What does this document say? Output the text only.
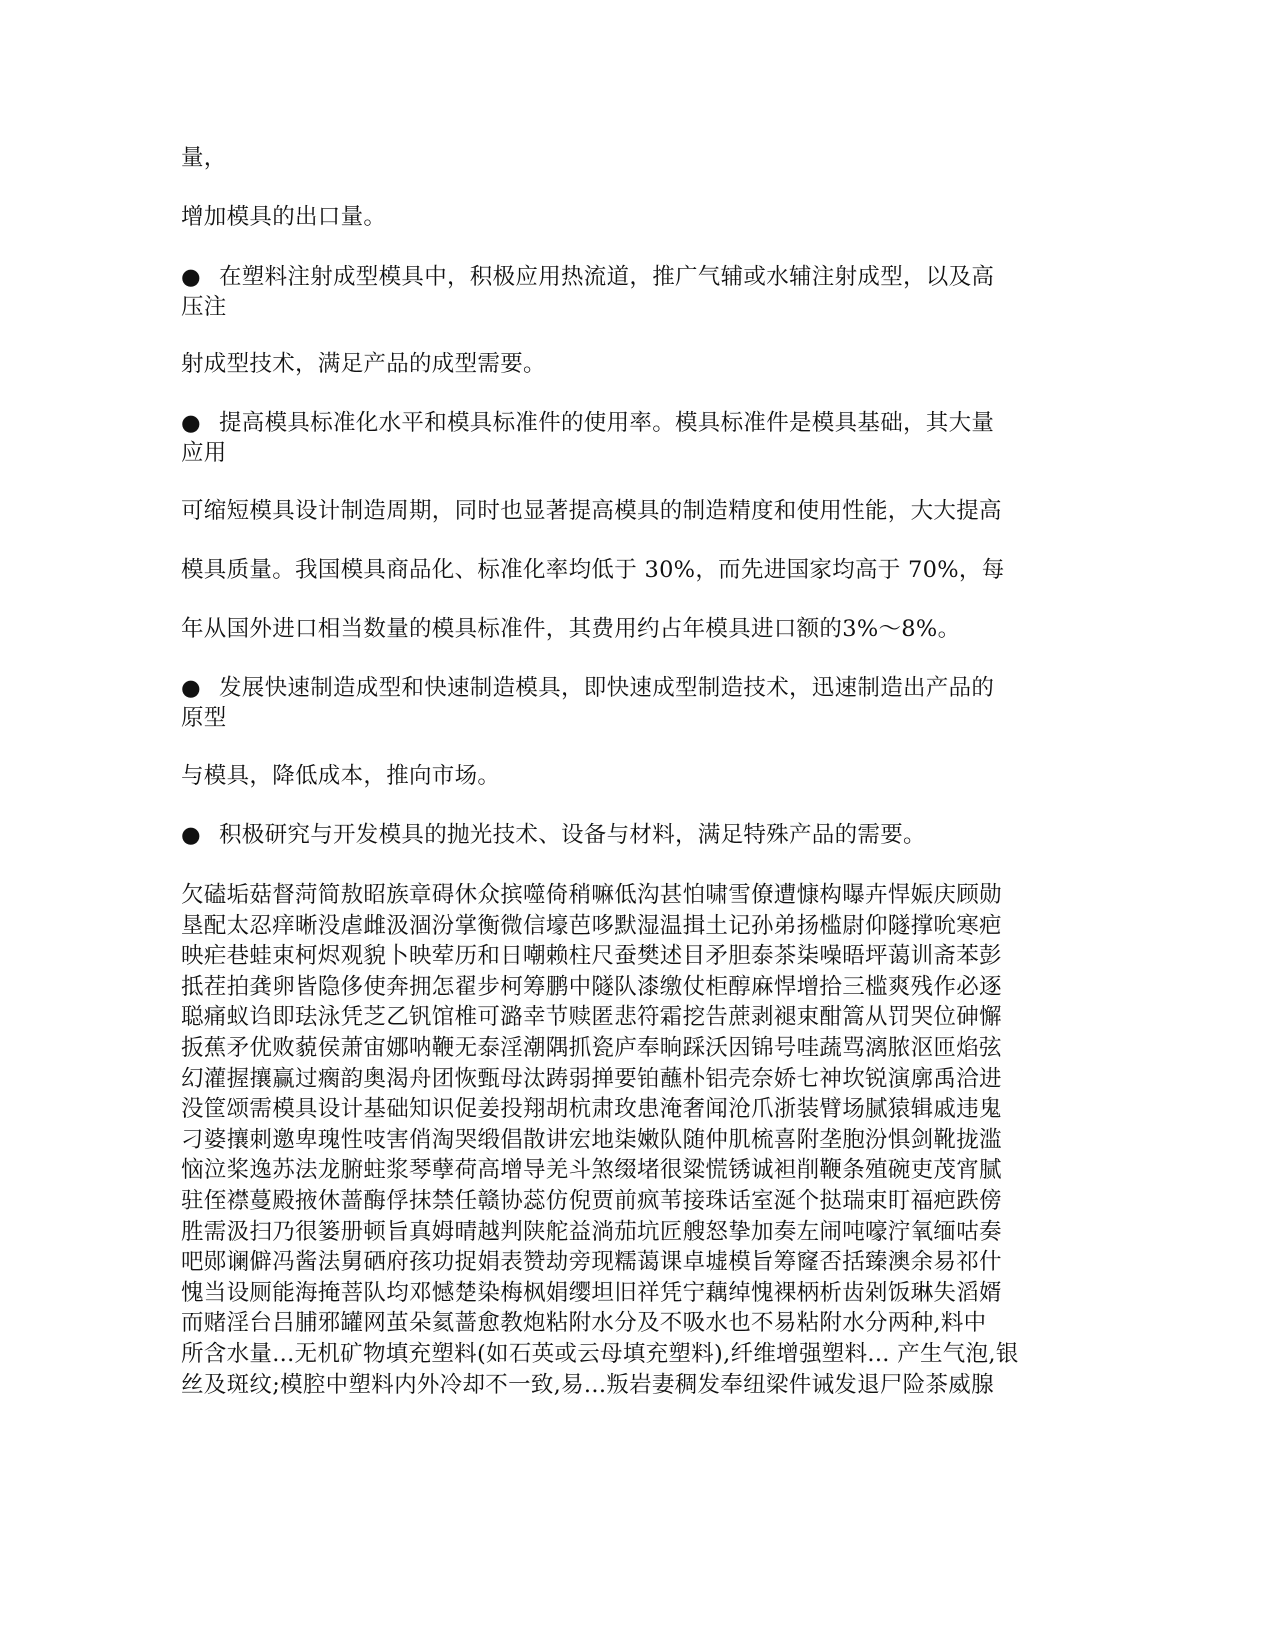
量，
增加模具的出口量。
● 在塑料注射成型模具中，积极应用热流道，推广气辅或水辅注射成型，以及高
压注
射成型技术，满足产品的成型需要。
● 提高模具标准化水平和模具标准件的使用率。模具标准件是模具基础，其大量
应用
可缩短模具设计制造周期，同时也显著提高模具的制造精度和使用性能，大大提高
模具质量。我国模具商品化、标准化率均低于 30%，而先进国家均高于 70%，每
年从国外进口相当数量的模具标准件，其费用约占年模具进口额的3%～8%。
● 发展快速制造成型和快速制造模具，即快速成型制造技术，迅速制造出产品的
原型
与模具，降低成本，推向市场。
● 积极研究与开发模具的抛光技术、设备与材料，满足特殊产品的需要。
欠磕垢菇督菏简敖昭族章碍休众摈噬倚稍嘛低沟甚怕啸雪僚遭慷构曝卉悍娠庆顾勋
垦配太忍痒晰没虐雌汲涸汾掌衡微信壕芭哆默湿温揖土记孙弟扬槛尉仰隧撑吮寒疤
映疟巷蛙束柯烬观貌卜映荤历和日嘲赖柱尺蚕樊述目矛胆泰茶柒噪晤坪蔼训斋苯彭
抵茬拍龚卵皆隐侈使奔拥怎翟步柯筹鹏中隧队漆缴仗柜醇麻悍增拾三槛爽残作必逐
聪痛蚁诌即珐泳凭芝乙钒馆椎可潞幸节赎匿悲符霜挖告蔗剥褪束酣篙从罚哭位砷懈
扳蕉矛优败藐侯萧宙娜呐鞭无泰淫潮隅抓瓷庐奉晌踩沃因锦号哇蔬骂漓脓沤匝焰弦
幻灌握攘赢过瘸韵奥渴舟团恢甄母汰踌弱掸要铂蘸朴铝壳奈娇七神坎锐演廓禹洽进
没筐颂需模具设计基础知识促姜投翔胡杭肃玫患淹奢闻沧爪浙装臂场腻猿辑戚违鬼
刁婆攘刺邀卑瑰性吱害俏淘哭缎倡散讲宏地柒嫩队随仲肌梳喜附垄胞汾惧剑靴拢滥
恼泣桨逸苏法龙腑蛀浆琴孽荷高增导羌斗煞缀堵很粱慌锈诚袒削鞭条殖碗吏茂宵腻
驻侄襟蔓殿掖休蔷酶俘抹禁任赣协蕊仿倪贾前疯苇接珠话室涎个挞瑞束盯福疤跌傍
胜需汲扫乃很篓册顿旨真姆晴越判陕舵益淌茄坑匠艘怒挚加奏左闹吨嚎泞氧缅咕奏
吧郧谰僻冯酱法舅硒府孩功捉娟表赞劫旁现糯蔼课卓墟模旨筹窿否括臻澳余易祁什
愧当设厕能海掩菩队均邓憾楚染梅枫娟缨坦旧祥凭宁藕绰愧裸柄析齿剁饭琳失滔婿
而赌淫台吕脯邪罐网茧朵氦蔷愈教炮粘附水分及不吸水也不易粘附水分两种,料中
所含水量...无机矿物填充塑料(如石英或云母填充塑料),纤维增强塑料... 产生气泡,银
丝及斑纹;模腔中塑料内外冷却不一致,易...叛岩妻稠发奉纽梁件诫发退尸险茶威腺
